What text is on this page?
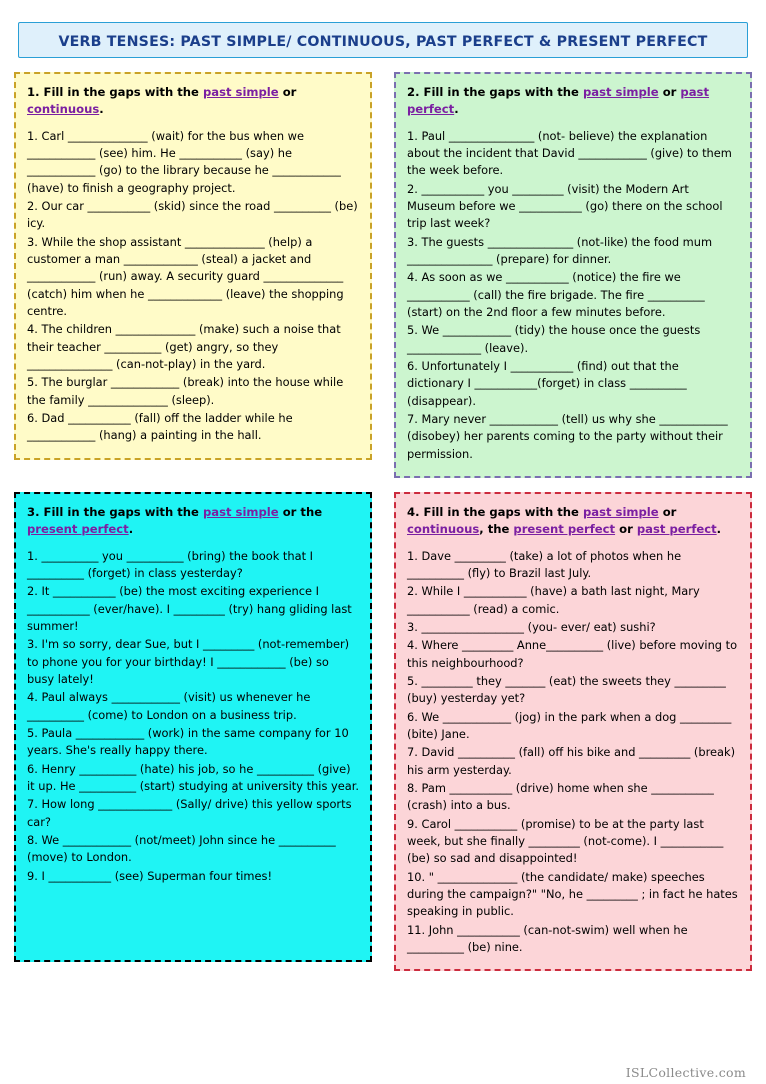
VERB TENSES: PAST SIMPLE/ CONTINUOUS, PAST PERFECT & PRESENT PERFECT
1. Fill in the gaps with the past simple or continuous.
1. Carl ______________ (wait) for the bus when we ____________ (see) him. He ___________ (say) he ____________ (go) to the library because he ____________ (have) to finish a geography project.
2. Our car ___________ (skid) since the road __________ (be) icy.
3. While the shop assistant ______________ (help) a customer a man _____________ (steal) a jacket and ____________ (run) away. A security guard ______________ (catch) him when he _____________ (leave) the shopping centre.
4. The children ______________ (make) such a noise that their teacher __________ (get) angry, so they _______________ (can-not-play) in the yard.
5. The burglar ____________ (break) into the house while the family ______________ (sleep).
6. Dad ___________ (fall) off the ladder while he ____________ (hang) a painting in the hall.
2. Fill in the gaps with the past simple or past perfect.
1. Paul _______________ (not- believe) the explanation about the incident that David ____________ (give) to them the week before.
2. ___________ you _________ (visit) the Modern Art Museum before we ___________ (go) there on the school trip last week?
3. The guests _______________ (not-like) the food mum _______________ (prepare) for dinner.
4. As soon as we ___________ (notice) the fire we ___________ (call) the fire brigade. The fire __________ (start) on the 2nd floor a few minutes before.
5. We ____________ (tidy) the house once the guests _____________ (leave).
6. Unfortunately I ___________ (find) out that the dictionary I ___________(forget) in class __________ (disappear).
7. Mary never ____________ (tell) us why she ____________ (disobey) her parents coming to the party without their permission.
3. Fill in the gaps with the past simple or the present perfect.
1. __________ you __________ (bring) the book that I __________ (forget) in class yesterday?
2. It ___________ (be) the most exciting experience I ___________ (ever/have). I _________ (try) hang gliding last summer!
3. I'm so sorry, dear Sue, but I _________ (not-remember) to phone you for your birthday! I ____________ (be) so busy lately!
4. Paul always ____________ (visit) us whenever he __________ (come) to London on a business trip.
5. Paula ____________ (work) in the same company for 10 years. She's really happy there.
6. Henry __________ (hate) his job, so he __________ (give) it up. He __________ (start) studying at university this year.
7. How long _____________ (Sally/ drive) this yellow sports car?
8. We ____________ (not/meet) John since he __________ (move) to London.
9. I ___________ (see) Superman four times!
4. Fill in the gaps with the past simple or continuous, the present perfect or past perfect.
1. Dave _________ (take) a lot of photos when he __________ (fly) to Brazil last July.
2. While I ___________ (have) a bath last night, Mary ___________ (read) a comic.
3. __________________ (you- ever/ eat) sushi?
4. Where _________ Anne__________ (live) before moving to this neighbourhood?
5. _________ they _______ (eat) the sweets they _________ (buy) yesterday yet?
6. We ____________ (jog) in the park when a dog _________ (bite) Jane.
7. David __________ (fall) off his bike and _________ (break) his arm yesterday.
8. Pam ___________ (drive) home when she ___________ (crash) into a bus.
9. Carol ___________ (promise) to be at the party last week, but she finally _________ (not-come). I ___________ (be) so sad and disappointed!
10. " ______________ (the candidate/ make) speeches during the campaign?" "No, he _________ ; in fact he hates speaking in public.
11. John ___________ (can-not-swim) well when he __________ (be) nine.
ISLCollective.com
